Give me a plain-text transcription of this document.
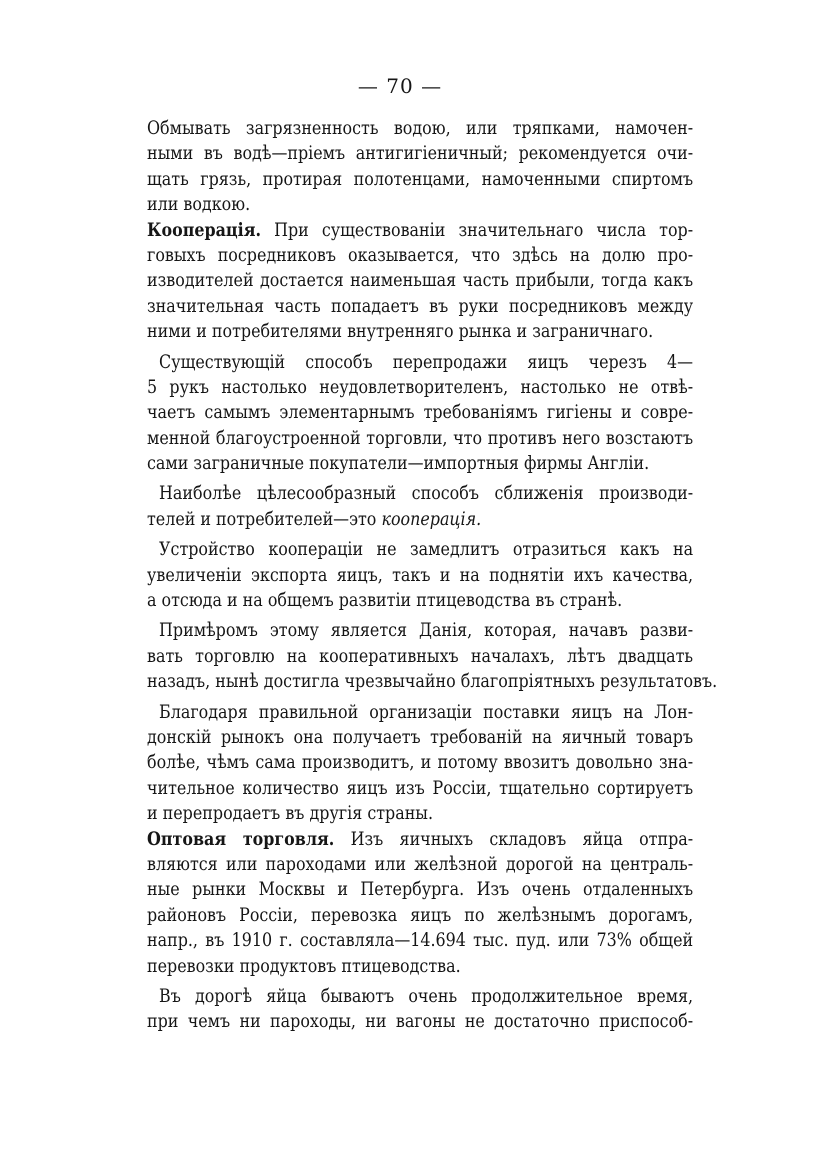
— 70 —
Обмывать загрязненность водою, или тряпками, намочен-
ными въ водѣ—пріемъ антигигіеничный; рекомендуется очи-
щать грязь, протирая полотенцами, намоченными спиртомъ
или водкою.
Кооперація. При существованіи значительнаго числа тор-
говыхъ посредниковъ оказывается, что здѣсь на долю про-
изводителей достается наименьшая часть прибыли, тогда какъ
значительная часть попадаетъ въ руки посредниковъ между
ними и потребителями внутренняго рынка и заграничнаго.
Существующій способъ перепродажи яицъ черезъ 4—
5 рукъ настолько неудовлетворителенъ, настолько не отвѣ-
чаетъ самымъ элементарнымъ требованіямъ гигіены и совре-
менной благоустроенной торговли, что противъ него возстаютъ
сами заграничные покупатели—импортныя фирмы Англіи.
Наиболѣе цѣлесообразный способъ сближенія производи-
телей и потребителей—это кооперація.
Устройство коопераціи не замедлитъ отразиться какъ на
увеличеніи экспорта яицъ, такъ и на поднятіи ихъ качества,
а отсюда и на общемъ развитіи птицеводства въ странѣ.
Примѣромъ этому является Данія, которая, начавъ разви-
вать торговлю на кооперативныхъ началахъ, лѣтъ двадцать
назадъ, нынѣ достигла чрезвычайно благопріятныхъ результатовъ.
Благодаря правильной организаціи поставки яицъ на Лон-
донскій рынокъ она получаетъ требованій на яичный товаръ
болѣе, чѣмъ сама производитъ, и потому ввозитъ довольно зна-
чительное количество яицъ изъ Россіи, тщательно сортируетъ
и перепродаетъ въ другія страны.
Оптовая торговля. Изъ яичныхъ складовъ яйца отпра-
вляются или пароходами или желѣзной дорогой на централь-
ные рынки Москвы и Петербурга. Изъ очень отдаленныхъ
районовъ Россіи, перевозка яицъ по желѣзнымъ дорогамъ,
напр., въ 1910 г. составляла—14.694 тыс. пуд. или 73% общей
перевозки продуктовъ птицеводства.
Въ дорогѣ яйца бываютъ очень продолжительное время,
при чемъ ни пароходы, ни вагоны не достаточно приспособ-
